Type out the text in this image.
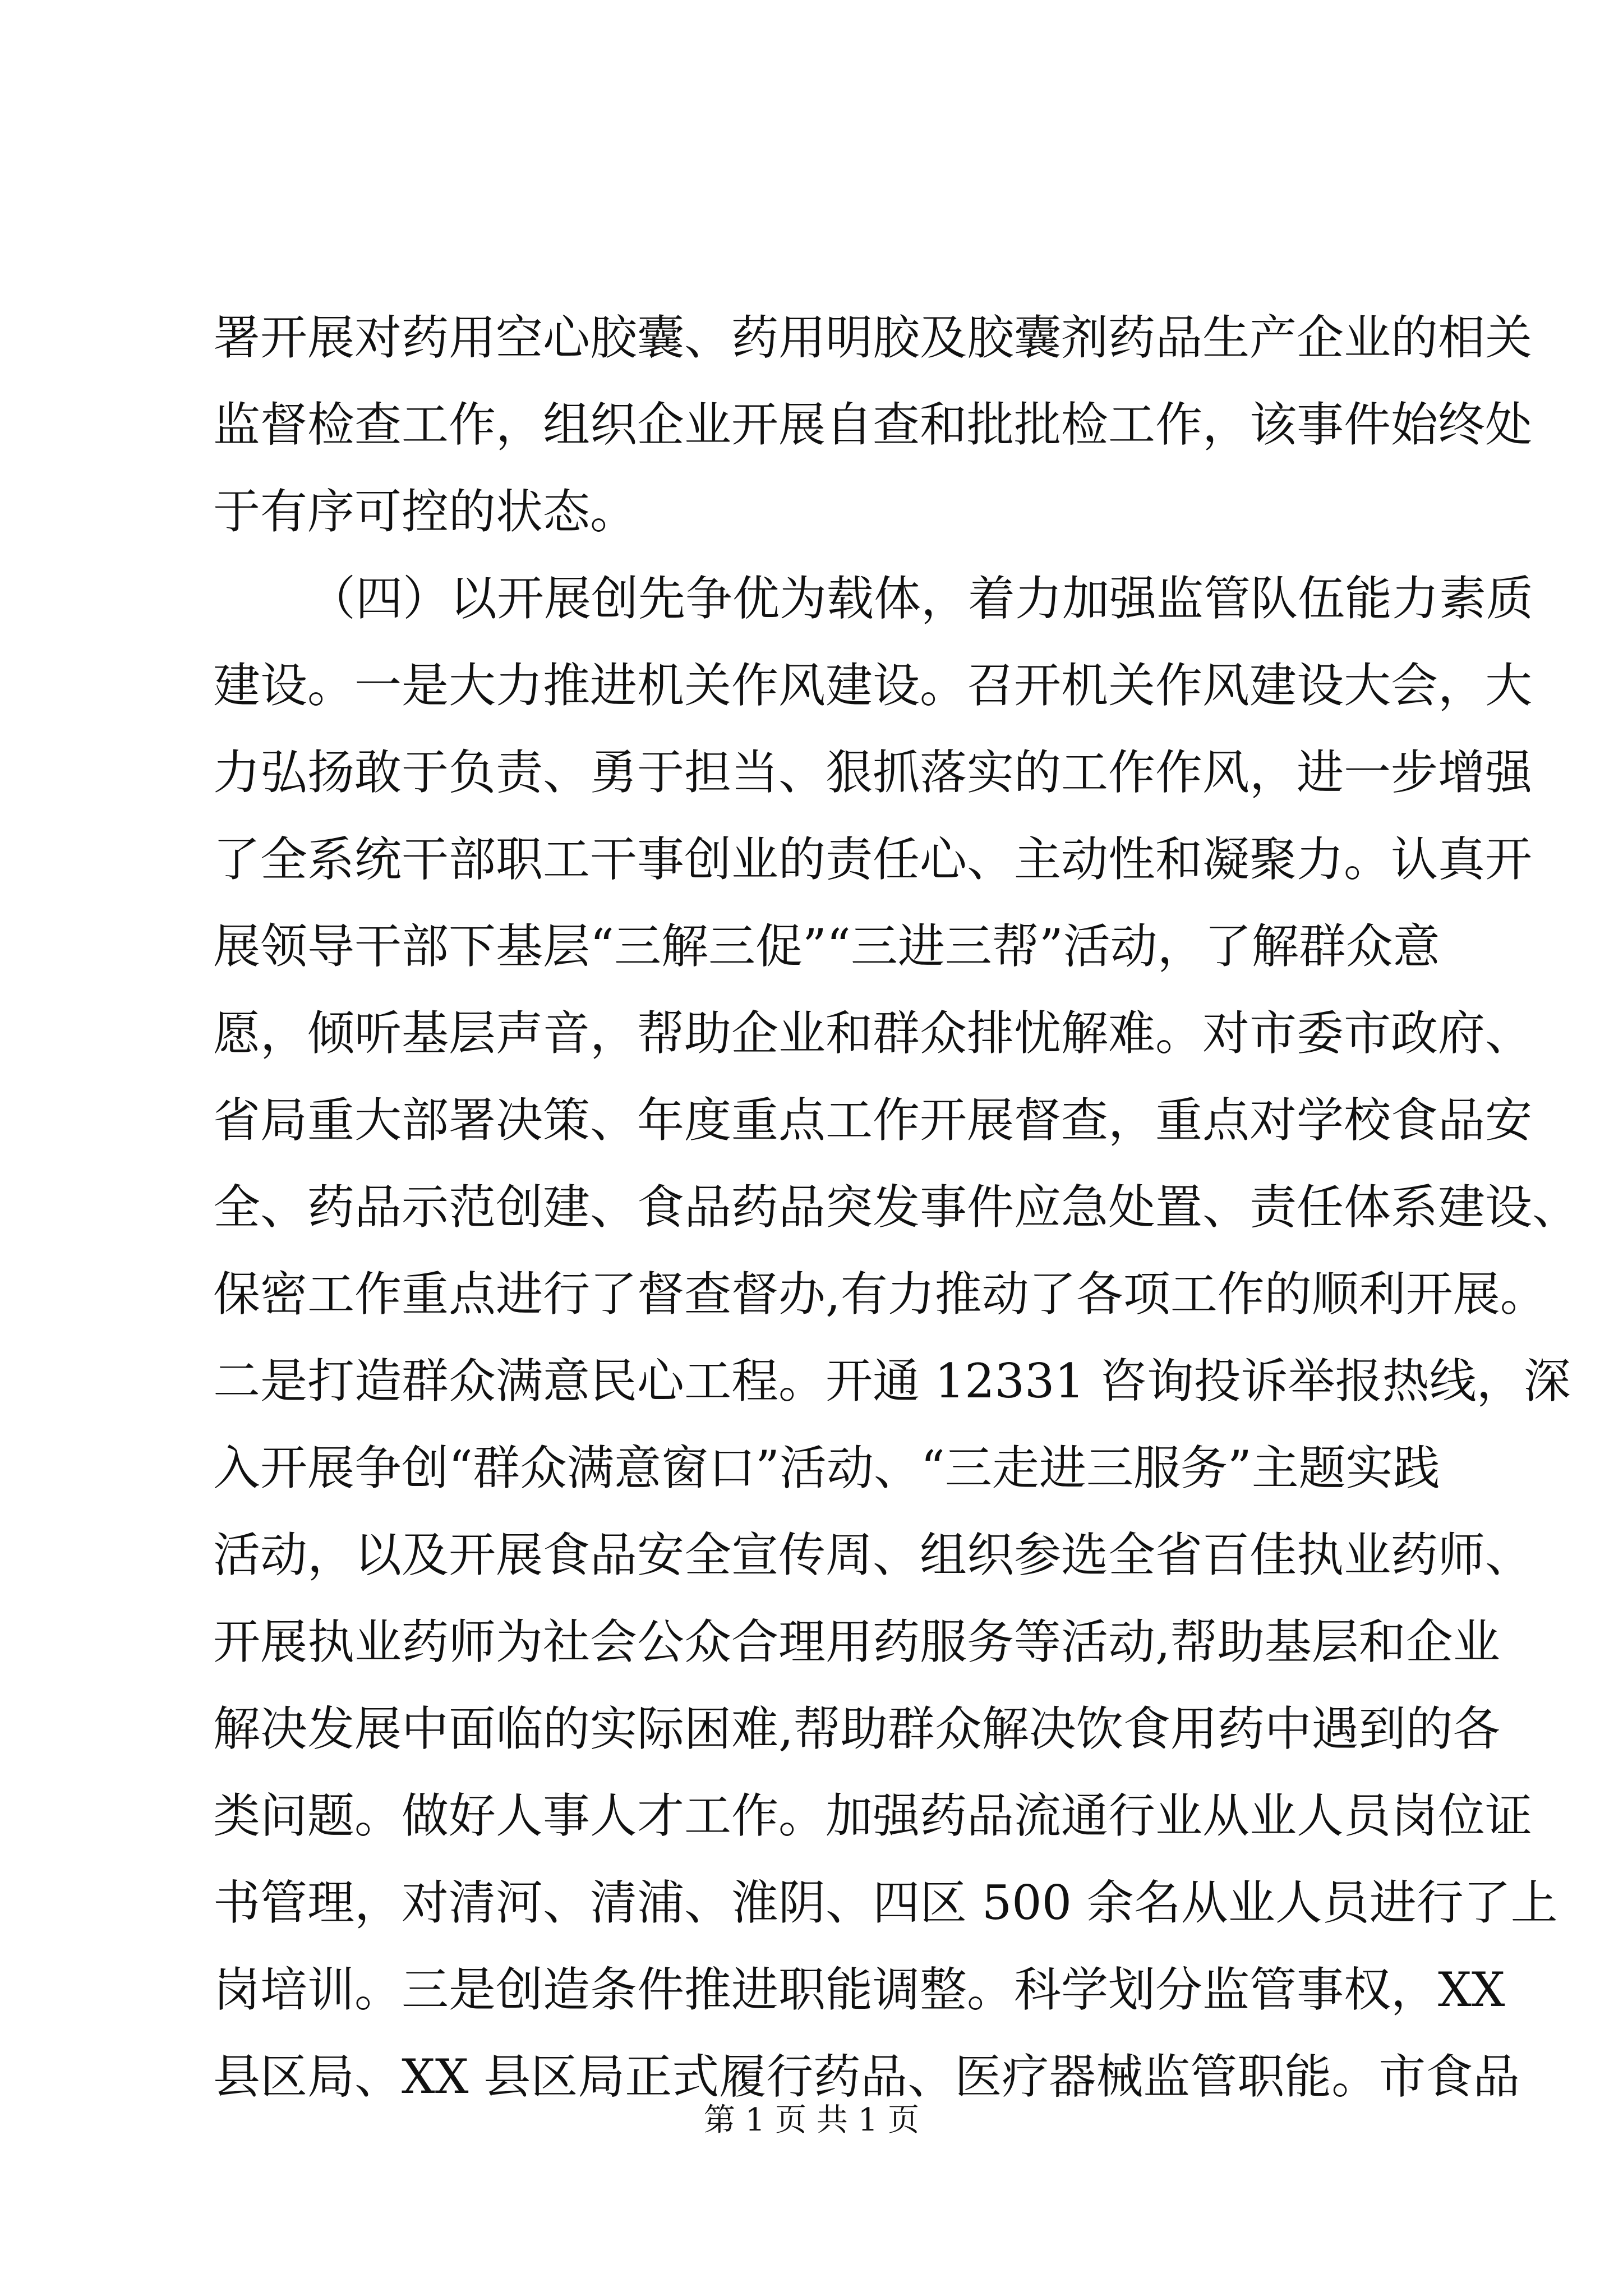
署开展对药用空心胶囊、药用明胶及胶囊剂药品生产企业的相关
监督检查工作，组织企业开展自查和批批检工作，该事件始终处
于有序可控的状态。
（四）以开展创先争优为载体，着力加强监管队伍能力素质
建设。一是大力推进机关作风建设。召开机关作风建设大会，大
力弘扬敢于负责、勇于担当、狠抓落实的工作作风，进一步增强
了全系统干部职工干事创业的责任心、主动性和凝聚力。认真开
展领导干部下基层“三解三促”“三进三帮”活动，了解群众意
愿，倾听基层声音，帮助企业和群众排忧解难。对市委市政府、
省局重大部署决策、年度重点工作开展督查，重点对学校食品安
全、药品示范创建、食品药品突发事件应急处置、责任体系建设、
保密工作重点进行了督查督办,有力推动了各项工作的顺利开展。
二是打造群众满意民心工程。开通 12331 咨询投诉举报热线，深
入开展争创“群众满意窗口”活动、“三走进三服务”主题实践
活动，以及开展食品安全宣传周、组织参选全省百佳执业药师、
开展执业药师为社会公众合理用药服务等活动,帮助基层和企业
解决发展中面临的实际困难,帮助群众解决饮食用药中遇到的各
类问题。做好人事人才工作。加强药品流通行业从业人员岗位证
书管理，对清河、清浦、淮阴、四区 500 余名从业人员进行了上
岗培训。三是创造条件推进职能调整。科学划分监管事权，XX
县区局、XX 县区局正式履行药品、医疗器械监管职能。市食品
第 1 页 共 1 页
